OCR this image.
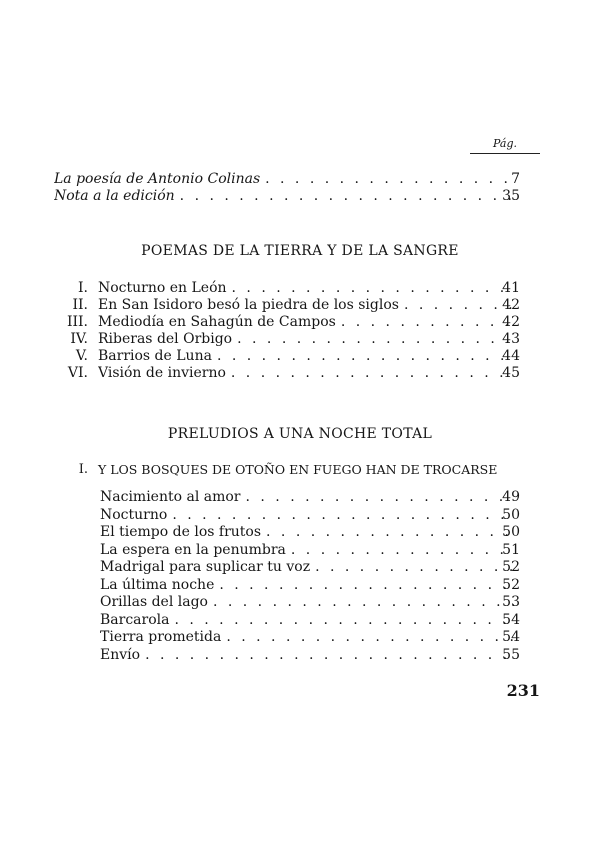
Pág.
La poesía de Antonio Colinas . . .	7
Nota a la edición . . .	35
POEMAS DE LA TIERRA Y DE LA SANGRE
I. Nocturno en León . . .	41
II. En San Isidoro besó la piedra de los siglos . . .	42
III. Mediodía en Sahagún de Campos . . .	42
IV. Riberas del Orbigo . . .	43
V. Barrios de Luna . . .	44
VI. Visión de invierno . . .	45
PRELUDIOS A UNA NOCHE TOTAL
I. Y LOS BOSQUES DE OTOÑO EN FUEGO HAN DE TROCARSE
Nacimiento al amor . . .	49
Nocturno . . .	50
El tiempo de los frutos . . .	50
La espera en la penumbra . . .	51
Madrigal para suplicar tu voz . . .	52
La última noche . . .	52
Orillas del lago . . .	53
Barcarola . . .	54
Tierra prometida . . .	54
Envío . . .	55
231
